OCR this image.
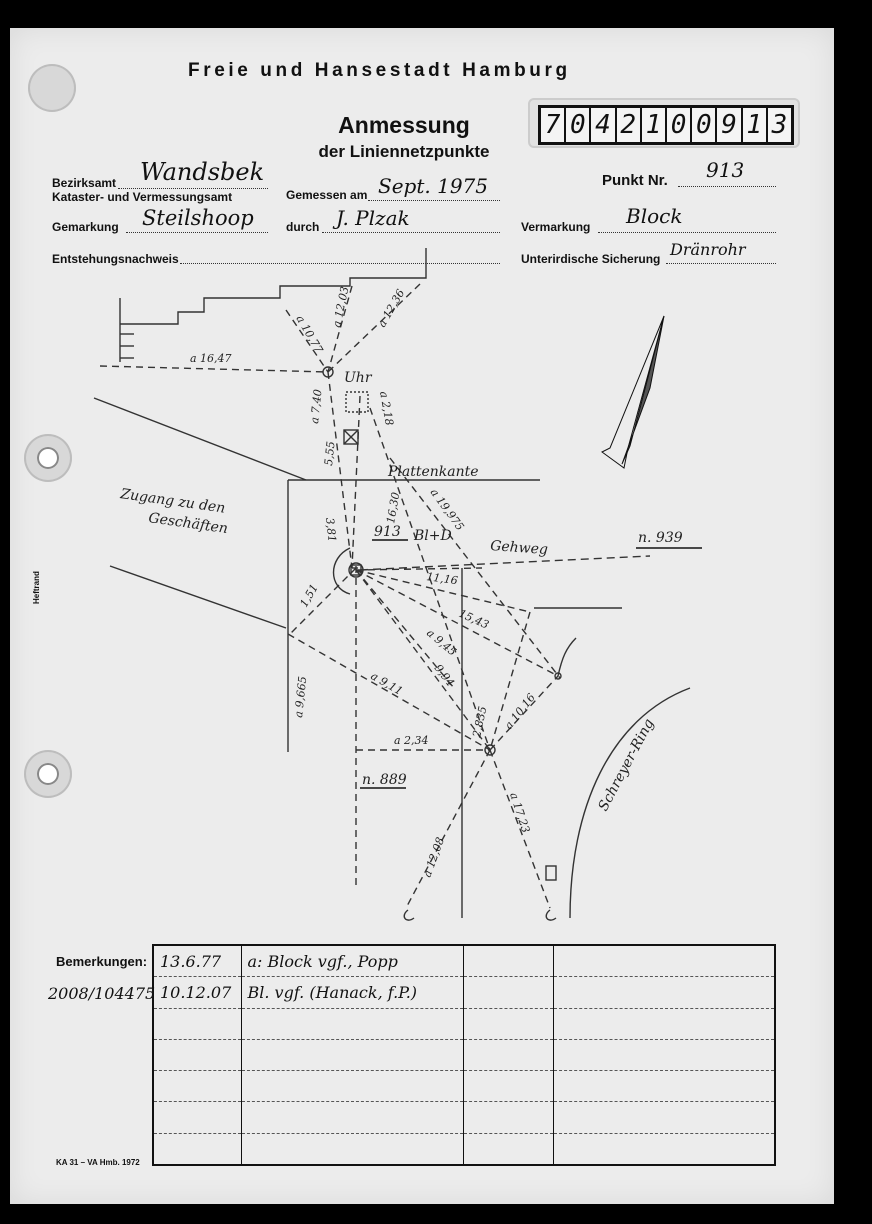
Freie und Hansestadt Hamburg
Anmessung
der Liniennetzpunkte
7 0 4 2 1 0 0 9 1 3
Bezirksamt Wandsbek
Kataster- und Vermessungsamt	Gemessen am Sept. 1975	Punkt Nr. 913
Gemarkung Steilshoop	durch J. Plzak	Vermarkung Block
Entstehungsnachweis	Unterirdische Sicherung Dränrohr
Heftrand
Uhr
Plattenkante
Zugang zu den
Geschäften	913 Bl+D
Gehweg
n. 939
n. 889	Schreyer-Ring
a 16,47
a 10,77
a 12,03 a 12,36
a 7,40	a 2,18
5,55
3,81
16,30 a 19,975
11,16
15,43
a 9,45
9,94
a 9,665	a 9,11
2,835 a 10,16
a 2,34
a 12,08
a 17,23
1,51
Bemerkungen:
2008/104475
13.6.77	a: Block vgf., Popp		
10.12.07	Bl. vgf. (Hanack, f.P.)		

KA 31 – VA Hmb. 1972
